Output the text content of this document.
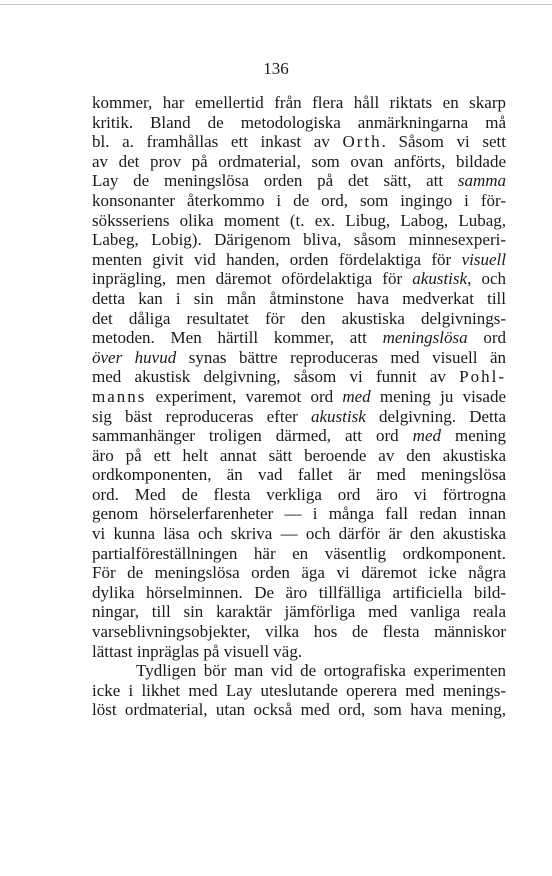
136
kommer, har emellertid från flera håll riktats en skarp
kritik. Bland de metodologiska anmärkningarna må
bl. a. framhållas ett inkast av Orth. Såsom vi sett
av det prov på ordmaterial, som ovan anförts, bildade
Lay de meningslösa orden på det sätt, att samma
konsonanter återkommo i de ord, som ingingo i för-
söksseriens olika moment (t. ex. Libug, Labog, Lubag,
Labeg, Lobig). Därigenom bliva, såsom minnesexperi-
menten givit vid handen, orden fördelaktiga för visuell
inprägling, men däremot ofördelaktiga för akustisk, och
detta kan i sin mån åtminstone hava medverkat till
det dåliga resultatet för den akustiska delgivnings-
metoden. Men härtill kommer, att meningslösa ord
över huvud synas bättre reproduceras med visuell än
med akustisk delgivning, såsom vi funnit av Pohl-
manns experiment, varemot ord med mening ju visade
sig bäst reproduceras efter akustisk delgivning. Detta
sammanhänger troligen därmed, att ord med mening
äro på ett helt annat sätt beroende av den akustiska
ordkomponenten, än vad fallet är med meningslösa
ord. Med de flesta verkliga ord äro vi förtrogna
genom hörselerfarenheter — i många fall redan innan
vi kunna läsa och skriva — och därför är den akustiska
partialföreställningen här en väsentlig ordkomponent.
För de meningslösa orden äga vi däremot icke några
dylika hörselminnen. De äro tillfälliga artificiella bild-
ningar, till sin karaktär jämförliga med vanliga reala
varseblivningsobjekter, vilka hos de flesta människor
lättast inpräglas på visuell väg.
Tydligen bör man vid de ortografiska experimenten
icke i likhet med Lay uteslutande operera med menings-
löst ordmaterial, utan också med ord, som hava mening,
